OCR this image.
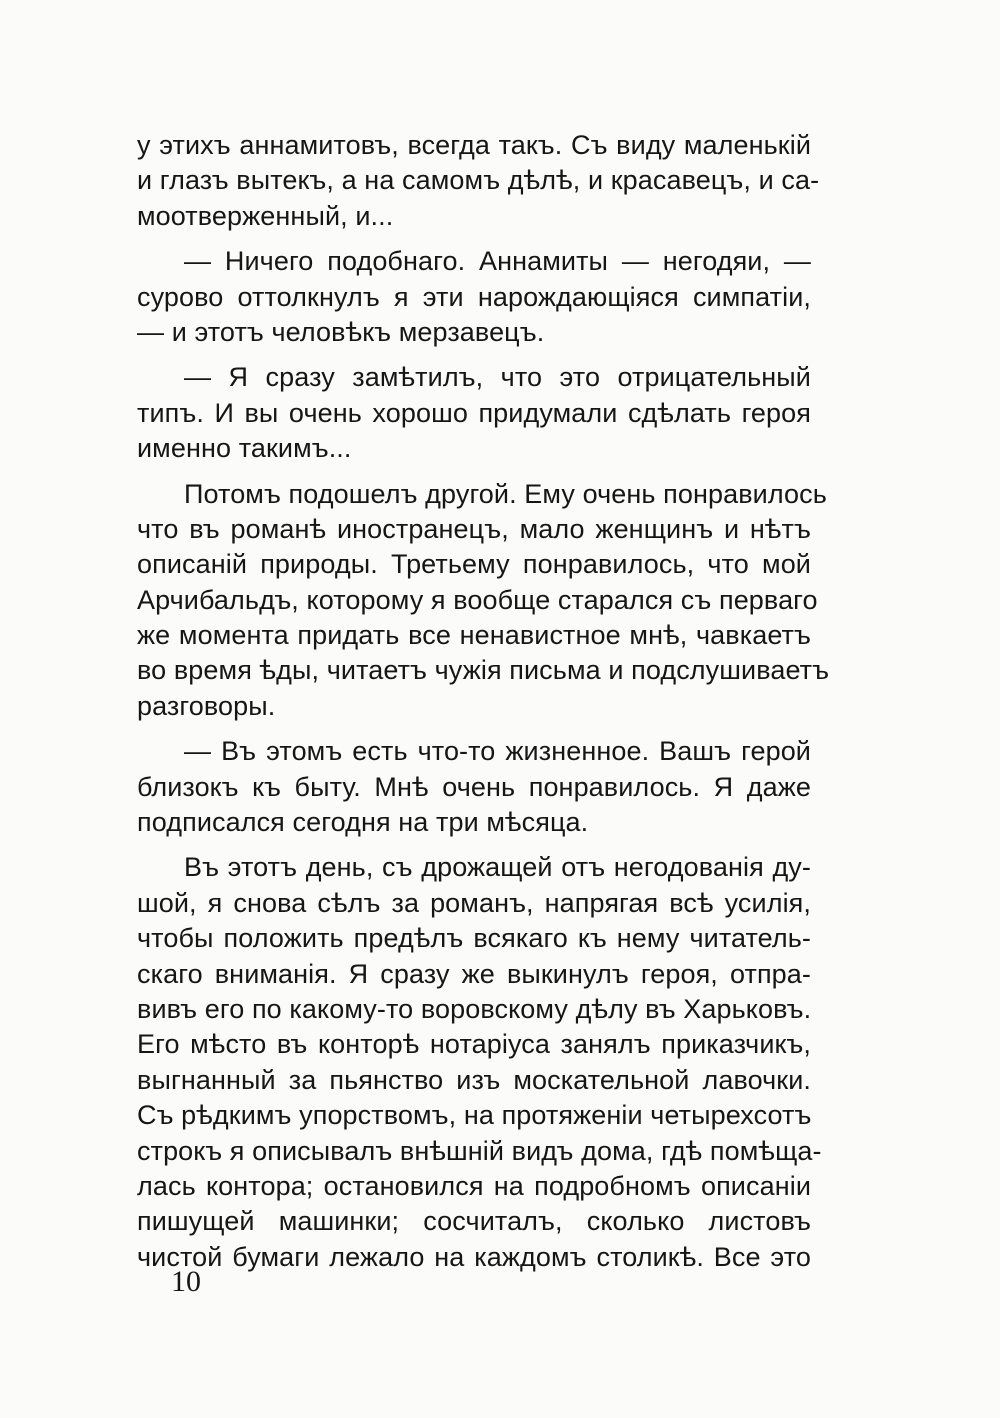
у этихъ аннамитовъ, всегда такъ. Съ виду маленькій
и глазъ вытекъ, а на самомъ дѣлѣ, и красавецъ, и са-
моотверженный, и...
— Ничего подобнаго. Аннамиты — негодяи, —
сурово оттолкнулъ я эти нарождающіяся симпатіи,
— и этотъ человѣкъ мерзавецъ.
— Я сразу замѣтилъ, что это отрицательный
типъ. И вы очень хорошо придумали сдѣлать героя
именно такимъ...
Потомъ подошелъ другой. Ему очень понравилось
что въ романѣ иностранецъ, мало женщинъ и нѣтъ
описаній природы. Третьему понравилось, что мой
Арчибальдъ, которому я вообще старался съ перваго
же момента придать все ненавистное мнѣ, чавкаетъ
во время ѣды, читаетъ чужія письма и подслушиваетъ
разговоры.
— Въ этомъ есть что-то жизненное. Вашъ герой
близокъ къ быту. Мнѣ очень понравилось. Я даже
подписался сегодня на три мѣсяца.
Въ этотъ день, съ дрожащей отъ негодованія ду-
шой, я снова сѣлъ за романъ, напрягая всѣ усилія,
чтобы положить предѣлъ всякаго къ нему читатель-
скаго вниманія. Я сразу же выкинулъ героя, отпра-
вивъ его по какому-то воровскому дѣлу въ Харьковъ.
Его мѣсто въ конторѣ нотаріуса занялъ приказчикъ,
выгнанный за пьянство изъ москательной лавочки.
Съ рѣдкимъ упорствомъ, на протяженіи четырехсотъ
строкъ я описывалъ внѣшній видъ дома, гдѣ помѣща-
лась контора; остановился на подробномъ описаніи
пишущей машинки; сосчиталъ, сколько листовъ
чистой бумаги лежало на каждомъ столикѣ. Все это
10
